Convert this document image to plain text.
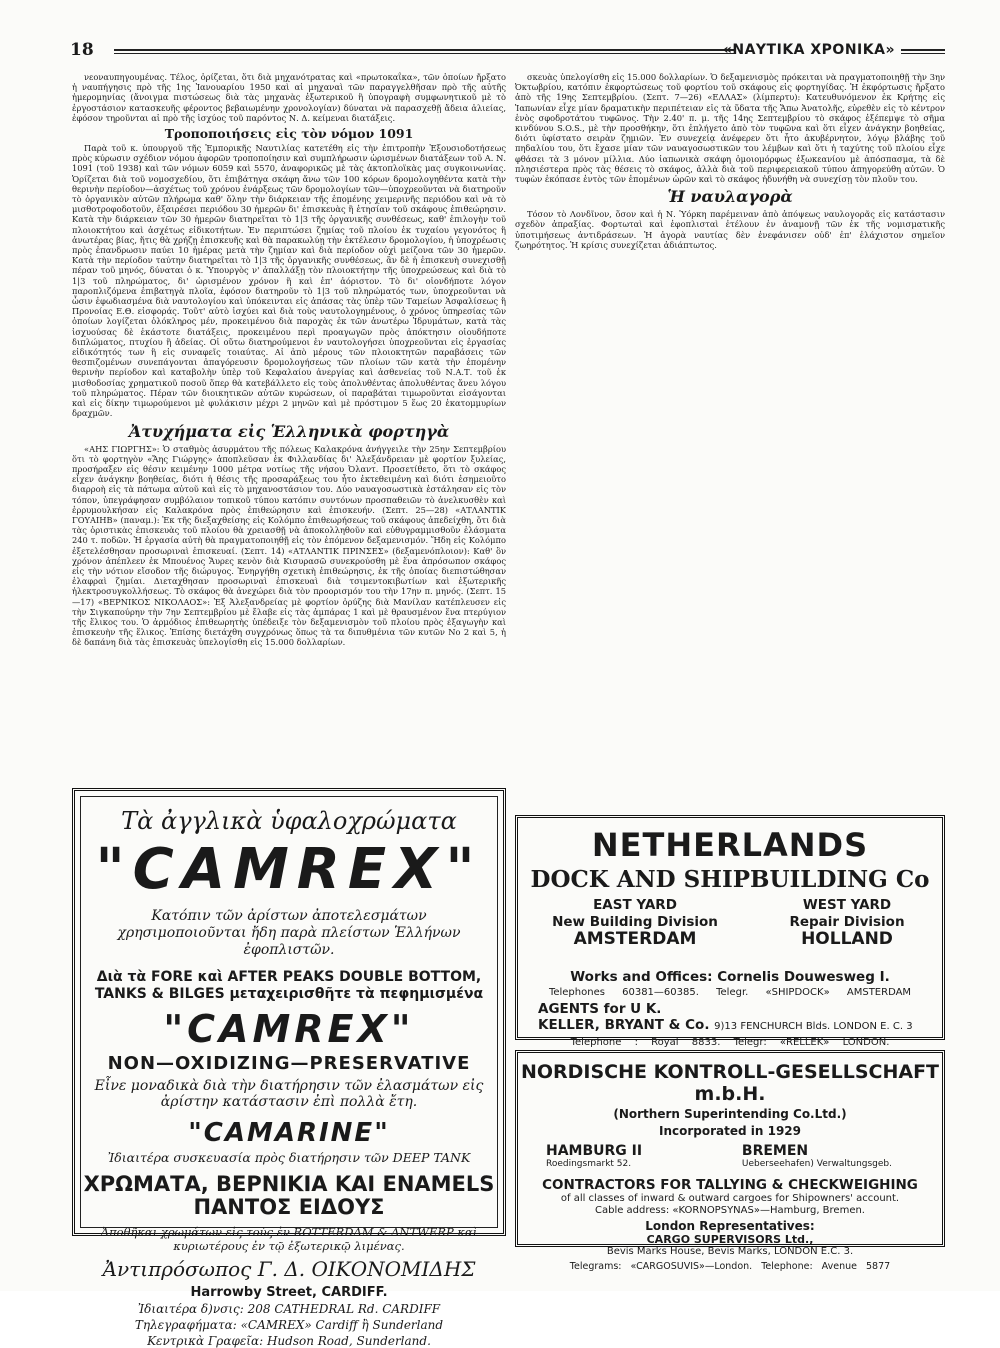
18	«ΝΑΥΤΙΚΑ ΧΡΟΝΙΚΑ»

νεοναυπηγουμένας. Τέλος, ὁρίζεται, ὅτι διὰ μηχανότρατας καὶ «πρωτοκαΐκα», τῶν ὁποίων ἤρξατο ἡ ναυπήγησις πρὸ τῆς 1ης Ἰανουαρίου 1950 καὶ αἱ μηχαναὶ τῶν παραγγελθῆσαν πρὸ τῆς αὐτῆς ἡμερομηνίας (ἄνοιγμα πιστώσεως διὰ τὰς μηχανὰς ἐξωτερικοῦ ἢ ὑπογραφὴ συμφωνητικοῦ μὲ τὸ ἐργοστάσιον κατασκευῆς φέροντος βεβαιωμένην χρονολογίαν) δύναται νὰ παρασχεθῇ ἄδεια ἁλιείας, ἐφόσον τηροῦνται αἱ πρὸ τῆς ἰσχύος τοῦ παρόντος Ν. Δ. κείμεναι διατάξεις.

Τροποποιήσεις εἰς τὸν νόμον 1091

Παρὰ τοῦ κ. ὑπουργοῦ τῆς Ἐμπορικῆς Ναυτιλίας κατετέθη εἰς τὴν ἐπιτροπὴν Ἐξουσιοδοτήσεως πρὸς κύρωσιν σχέδιον νόμου ἀφορῶν τροποποίησιν καὶ συμπλήρωσιν ὡρισμένων διατάξεων τοῦ Α. Ν. 1091 (τοῦ 1938) καὶ τῶν νόμων 6059 καὶ 5570, ἀναφορικῶς μὲ τὰς ἀκτοπλοϊκὰς μας συγκοινωνίας. Ὁρίζεται διὰ τοῦ νομοσχεδίου, ὅτι ἐπιβάτηγα σκάφη ἄνω τῶν 100 κόρων δρομολογηθέντα κατὰ τὴν θερινὴν περίοδον—ἀσχέτως τοῦ χρόνου ἐνάρξεως τῶν δρομολογίων τῶν—ὑποχρεοῦνται νὰ διατηροῦν τὸ ὀργανικὸν αὐτῶν πλήρωμα καθ' ὅλην τὴν διάρκειαν τῆς ἐπομένης χειμερινῆς περιόδου καὶ νὰ τὸ μισθοτροφοδοτοῦν, ἐξαιρέσει περιόδου 30 ἡμερῶν δι' ἐπισκευὰς ἢ ἐτησίαν τοῦ σκάφους ἐπιθεώρησιν. Κατὰ τὴν διάρκειαν τῶν 30 ἡμερῶν διατηρεῖται τὸ 1|3 τῆς ὀργανικῆς συνθέσεως, καθ' ἐπιλογὴν τοῦ πλοιοκτήτου καὶ ἀσχέτως εἰδικοτήτων. Ἐν περιπτώσει ζημίας τοῦ πλοίου ἐκ τυχαίου γεγονότος ἢ ἀνωτέρας βίας, ἥτις θὰ χρήζῃ ἐπισκευῆς καὶ θὰ παρακωλύῃ τὴν ἐκτέλεσιν δρομολογίου, ἡ ὑποχρέωσις πρὸς ἐπανδρωσιν παύει 10 ἡμέρας μετὰ τὴν ζημίαν καὶ διὰ περίοδον οὐχὶ μείζονα τῶν 30 ἡμερῶν. Κατὰ τὴν περίοδον ταύτην διατηρεῖται τὸ 1|3 τῆς ὀργανικῆς συνθέσεως, ἂν δὲ ἡ ἐπισκευὴ συνεχισθῇ πέραν τοῦ μηνός, δύναται ὁ κ. Ὑπουργὸς ν' ἀπαλλάξῃ τὸν πλοιοκτήτην τῆς ὑποχρεώσεως καὶ διὰ τὸ 1|3 τοῦ πληρώματος, δι' ὡρισμένον χρόνον ἢ καὶ ἐπ' ἀόριστον. Τὸ δι' οἱονδήποτε λόγον παροπλιζόμενα ἐπιβατηγὰ πλοῖα, ἐφόσον διατηροῦν τὸ 1|3 τοῦ πληρώματός των, ὑποχρεοῦνται νὰ ὦσιν ἐφωδιασμένα διὰ ναυτολογίου καὶ ὑπόκεινται εἰς ἀπάσας τὰς ὑπὲρ τῶν Ταμείων Ἀσφαλίσεως ἢ Προνοίας Ε.Θ. εἰσφοράς. Τοῦτ' αὐτὸ ἰσχύει καὶ διὰ τοὺς ναυτολογημένους, ὁ χρόνος ὑπηρεσίας τῶν ὁποίων λογίζεται ὁλόκληρος μέν, προκειμένου διὰ παροχὰς ἐκ τῶν ἀνωτέρω Ἱδρυμάτων, κατὰ τὰς ἰσχυούσας δὲ ἑκάστοτε διατάξεις, προκειμένου περὶ προαγωγῶν πρὸς ἀπόκτησιν οἱουδήποτε διπλώματος, πτυχίου ἢ ἀδείας. Οἱ οὕτω διατηρούμενοι ἐν ναυτολογήσει ὑποχρεοῦνται εἰς ἐργασίας εἰδικότητός των ἢ εἰς συναφεῖς τοιαύτας. Αἱ ἀπὸ μέρους τῶν πλοιοκτητῶν παραβάσεις τῶν θεσπιζομένων συνεπάγονται ἀπαγόρευσιν δρομολογήσεως τῶν πλοίων τῶν κατὰ τὴν ἐπομένην θερινὴν περίοδον καὶ καταβολὴν ὑπὲρ τοῦ Κεφαλαίου ἀνεργίας καὶ ἀσθενείας τοῦ Ν.Α.Τ. τοῦ ἐκ μισθοδοσίας χρηματικοῦ ποσοῦ ὅπερ θὰ κατεβάλλετο εἰς τοὺς ἀπολυθέντας ἀπολυθέντας ἄνευ λόγου τοῦ πληρώματος. Πέραν τῶν διοικητικῶν αὐτῶν κυρώσεων, οἱ παραβάται τιμωροῦνται εἰσάγονται καὶ εἰς δίκην τιμωρούμενοι μὲ φυλάκισιν μέχρι 2 μηνῶν καὶ μὲ πρόστιμον 5 ἕως 20 ἑκατομμυρίων δραχμῶν.

Ἀτυχήματα εἰς Ἑλληνικὰ φορτηγὰ

«ΑΗΣ ΓΙΩΡΓΗΣ»: Ὁ σταθμὸς ἀσυρμάτου τῆς πόλεως Καλακρόνα ἀνήγγειλε τὴν 25ην Σεπτεμβρίου ὅτι τὸ φορτηγὸν «Ἄης Γιώργης» ἀποπλεῦσαν ἐκ Φιλλανδίας δι' Ἀλεξάνδρειαν μὲ φορτίον ξυλείας, προσήραξεν εἰς θέσιν κειμένην 1000 μέτρα νοτίως τῆς νήσου Ὀλαντ. Προσετίθετο, ὅτι τὸ σκάφος εἶχεν ἀνάγκην βοηθείας, διότι ἡ θέσις τῆς προσαράξεως του ἦτο ἐκτεθειμένη καὶ διότι ἐσημειοῦτο διαρροὴ εἰς τὰ πάτωμα αὐτοῦ καὶ εἰς τὸ μηχανοστάσιον του. Δύο ναυαγοσωστικὰ ἐστάλησαν εἰς τὸν τόπον, ὑπεγράφησαν συμβόλαιον τοπικοῦ τύπου κατόπιν συντόνων προσπαθειῶν τὸ ἀνελκυσθὲν καὶ ἐρρυμουλκήσαν εἰς Καλακρόνα πρὸς ἐπιθεώρησιν καὶ ἐπισκευήν. (Σεπτ. 25—28) «ΑΤΛΑΝΤΙΚ ΓΟΥΑΙΗΒ» (παναμ.): Ἐκ τῆς διεξαχθείσης εἰς Κολόμπο ἐπιθεωρήσεως τοῦ σκάφους ἀπεδείχθη, ὅτι διὰ τὰς ὁριστικὰς ἐπισκευὰς τοῦ πλοίου θὰ χρειασθῇ νὰ ἀποκολληθοῦν καὶ εὐθυγραμμισθοῦν ἐλάσματα 240 τ. ποδῶν. Ἡ ἐργασία αὐτὴ θὰ πραγματοποιηθῇ εἰς τὸν ἐπόμενον δεξαμενισμόν. Ἤδη εἰς Κολόμπο ἐξετελέσθησαν προσωριναὶ ἐπισκευαί. (Σεπτ. 14) «ΑΤΛΑΝΤΙΚ ΠΡΙΝΣΕΣ» (δεξαμενόπλοιον): Καθ' ὃν χρόνον ἀπέπλεεν ἐκ Μπουένος Ἄυρες κενὸν διὰ Κισυρασῶ συνεκρούσθη μὲ ἕνα ἀπρόσωπον σκάφος εἰς τὴν νότιον εἴσοδον τῆς διώρυγος. Ἐνηργήθη σχετικὴ ἐπιθεώρησις, ἐκ τῆς ὁποίας διεπιστώθησαν ἐλαφραὶ ζημίαι. Διεταχθησαν προσωριναὶ ἐπισκευαὶ διὰ τσιμεντοκιβωτίων καὶ ἐξωτερικῆς ἠλεκτροσυγκολλήσεως. Τὸ σκάφος θὰ ἀνεχώρει διὰ τὸν προορισμόν του τὴν 17ην π. μηνός. (Σεπτ. 15—17) «ΒΕΡΝΙΚΟΣ ΝΙΚΟΛΑΟΣ»: Ἐξ Ἀλεξανδρείας μὲ φορτίον ὀρύζης διὰ Μανίλαν κατέπλευσεν εἰς τὴν Σιγκαπούρην τὴν 7ην Σεπτεμβρίου μὲ ἔλαβε εἰς τὰς ἀμπάρας 1 καὶ μὲ θραυσμένον ἕνα πτερύγιον τῆς ἕλικος του. Ὁ ἀρμόδιος ἐπιθεωρητὴς ὑπέδειξε τὸν δεξαμενισμὸν τοῦ πλοίου πρὸς ἐξαγωγὴν καὶ ἐπισκευὴν τῆς ἕλικος. Ἐπίσης διετάχθη συγχρόνως ὅπως τὰ τα διπυθμένια τῶν κυτῶν Νο 2 καὶ 5, ἡ δὲ δαπάνη διὰ τὰς ἐπισκευὰς ὑπελογίσθη εἰς 15.000 δολλαρίων.

σκευὰς ὑπελογίσθη εἰς 15.000 δολλαρίων. Ὁ δεξαμενισμὸς πρόκειται νὰ πραγματοποιηθῇ τὴν 3ην Ὀκτωβρίου, κατόπιν ἐκφορτώσεως τοῦ φορτίου τοῦ σκάφους εἰς φορτηγίδας. Ἡ ἐκφόρτωσις ἤρξατο ἀπὸ τῆς 19ης Σεπτεμβρίου. (Σεπτ. 7—26) «ΕΛΛΑΣ» (λίμπερτυ): Κατευθυνόμενον ἐκ Κρήτης εἰς Ἰαπωνίαν εἶχε μίαν δραματικὴν περιπέτειαν εἰς τὰ ὕδατα τῆς Ἄπω Ἀνατολῆς, εὑρεθὲν εἰς τὸ κέντρον ἑνὸς σφοδροτάτου τυφῶνος. Τὴν 2.40' π. μ. τῆς 14ης Σεπτεμβρίου τὸ σκάφος ἐξέπεμψε τὸ σῆμα κινδύνου S.O.S., μὲ τὴν προσθήκην, ὅτι ἐπλήγετο ἀπὸ τὸν τυφῶνα καὶ ὅτι εἶχεν ἀνάγκην βοηθείας, διότι ὑφίστατο σειρὰν ζημιῶν. Ἐν συνεχείᾳ ἀνέφερεν ὅτι ἦτο ἀκυβέρνητον, λόγῳ βλάβης τοῦ πηδαλίου του, ὅτι ἔχασε μίαν τῶν ναυαγοσωστικῶν του λέμβων καὶ ὅτι ἡ ταχύτης τοῦ πλοίου εἶχε φθάσει τὰ 3 μόνον μίλλια. Δύο ἰαπωνικὰ σκάφη ὁμοιομόρφως ἐξωκεανίου μὲ ἀπόσπασμα, τὰ δὲ πλησιέστερα πρὸς τὰς θέσεις τὸ σκάφος, ἀλλὰ διὰ τοῦ περιφερειακοῦ τύπου ἀπηγορεύθη αὐτῶν. Ὁ τυφὼν ἐκόπασε ἐντὸς τῶν ἑπομένων ὡρῶν καὶ τὸ σκάφος ἠδυνήθη νὰ συνεχίσῃ τὸν πλοῦν του.

Ἡ ναυλαγορὰ

Τόσον τὸ Λονδῖνον, ὅσον καὶ ἡ Ν. Ὑόρκη παρέμειναν ἀπὸ ἀπόψεως ναυλογορᾶς εἰς κατάστασιν σχεδὸν ἀπραξίας. Φορτωταὶ καὶ ἐφοπλισταὶ ἐτέλουν ἐν ἀναμονῇ τῶν ἐκ τῆς νομισματικῆς ὑποτιμήσεως ἀντιδράσεων. Ἡ ἀγορὰ ναυτίας δὲν ἐνεφάνισεν οὐδ' ἐπ' ἐλάχιστον σημεῖον ζωηρότητος. Ἡ κρίσις συνεχίζεται ἀδιάπτωτος.

Τὰ ἀγγλικὰ ὑφαλοχρώματα
"CAMREX"
Κατόπιν τῶν ἀρίστων ἀποτελεσμάτων χρησιμοποιοῦνται ἤδη παρὰ πλείστων Ἑλλήνων ἐφοπλιστῶν.
Διὰ τὰ FORE καὶ AFTER PEAKS DOUBLE BOTTOM, TANKS & BILGES μεταχειρισθῆτε τὰ πεφημισμένα
"CAMREX"
NON—OXIDIZING—PRESERVATIVE
Εἶνε μοναδικὰ διὰ τὴν διατήρησιν τῶν ἐλασμάτων εἰς ἀρίστην κατάστασιν ἐπὶ πολλὰ ἔτη.
"CAMARINE"
Ἰδιαιτέρα συσκευασία πρὸς διατήρησιν τῶν DEEP TANK
ΧΡΩΜΑΤΑ, ΒΕΡΝΙΚΙΑ ΚΑΙ ENAMELS ΠΑΝΤΟΣ ΕΙΔΟΥΣ
Ἀποθῆκαι χρωμάτων εἰς τοὺς ἐν ROTTERDAM & ANTWERP καὶ κυριωτέρους ἐν τῷ ἐξωτερικῷ λιμένας.
Ἀντιπρόσωπος Γ. Δ. ΟΙΚΟΝΟΜΙΔΗΣ
Harrowby Street, CARDIFF.
Ἰδιαιτέρα δ)νσις: 208 CATHEDRAL Rd. CARDIFF
Τηλεγραφήματα: «CAMREX» Cardiff ἢ Sunderland
Κεντρικὰ Γραφεῖα: Hudson Road, Sunderland.
NETHERLANDS
DOCK AND SHIPBUILDING Co
EAST YARD
New Building Division
AMSTERDAM
WEST YARD
Repair Division
HOLLAND
Works and Offices: Cornelis Douwesweg I.
Telephones 60381—60385. Telegr. «SHIPDOCK» AMSTERDAM
AGENTS for U K.
KELLER, BRYANT & Co. 9)13 FENCHURCH Blds. LONDON E. C. 3
Telephone : Royal 8833. Telegr: «RELLEK» LONDON.
NORDISCHE KONTROLL-GESELLSCHAFT m.b.H.
(Northern Superintending Co.Ltd.)
Incorporated in 1929
HAMBURG II
Roedingsmarkt 52.
BREMEN
Ueberseehafen) Verwaltungsgeb.
CONTRACTORS FOR TALLYING & CHECKWEIGHING
of all classes of inward & outward cargoes for Shipowners' account.
Cable address: «KORNOPSYNAS»—Hamburg, Bremen.
London Representatives:
CARGO SUPERVISORS Ltd.,
Bevis Marks House, Bevis Marks, LONDON E.C. 3.
Telegrams: «CARGOSUVIS»—London. Telephone: Avenue 5877
